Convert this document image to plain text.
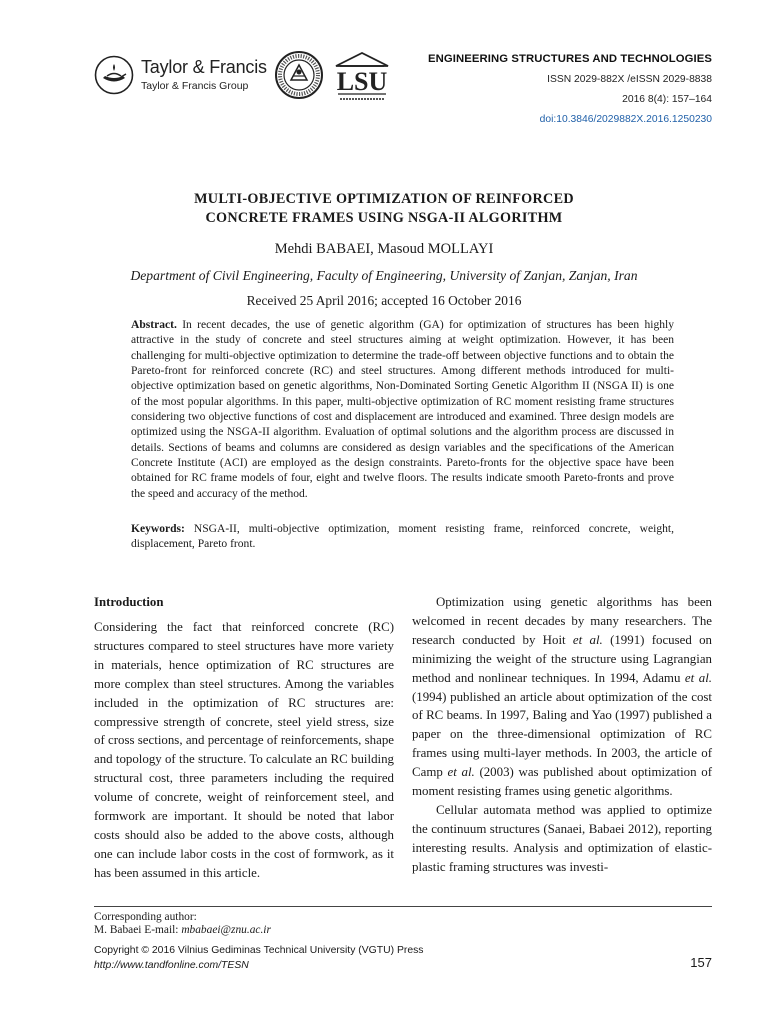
Taylor & Francis
Taylor & Francis Group	LSU
ENGINEERING STRUCTURES AND TECHNOLOGIES
ISSN 2029-882X /eISSN 2029-8838
2016 8(4): 157–164
doi:10.3846/2029882X.2016.1250230
MULTI-OBJECTIVE OPTIMIZATION OF REINFORCED
CONCRETE FRAMES USING NSGA-II ALGORITHM
Mehdi BABAEI, Masoud MOLLAYI
Department of Civil Engineering, Faculty of Engineering, University of Zanjan, Zanjan, Iran
Received 25 April 2016; accepted 16 October 2016
Abstract. In recent decades, the use of genetic algorithm (GA) for optimization of structures has been highly attractive in the study of concrete and steel structures aiming at weight optimization. However, it has been challenging for multi-objective optimization to determine the trade-off between objective functions and to obtain the Pareto-front for reinforced concrete (RC) and steel structures. Among different methods introduced for multi-objective optimization based on genetic algorithms, Non-Dominated Sorting Genetic Algorithm II (NSGA II) is one of the most popular algorithms. In this paper, multi-objective optimization of RC moment resisting frame structures considering two objective functions of cost and displacement are introduced and examined. Three design models are optimized using the NSGA-II algorithm. Evaluation of optimal solutions and the algorithm process are discussed in details. Sections of beams and columns are considered as design variables and the specifications of the American Concrete Institute (ACI) are employed as the design constraints. Pareto-fronts for the objective space have been obtained for RC frame models of four, eight and twelve floors. The results indicate smooth Pareto-fronts and prove the speed and accuracy of the method.
Keywords: NSGA-II, multi-objective optimization, moment resisting frame, reinforced concrete, weight, displacement, Pareto front.
Introduction

Considering the fact that reinforced concrete (RC) structures compared to steel structures have more variety in materials, hence optimization of RC structures are more complex than steel structures. Among the variables included in the optimization of RC structures are: compressive strength of concrete, steel yield stress, size of cross sections, and percentage of reinforcements, shape and topology of the structure. To calculate an RC building structural cost, three parameters including the required volume of concrete, weight of reinforcement steel, and formwork are important. It should be noted that labor costs should also be added to the above costs, although one can include labor costs in the cost of formwork, as it has been assumed in this article.

Optimization using genetic algorithms has been welcomed in recent decades by many researchers. The research conducted by Hoit et al. (1991) focused on minimizing the weight of the structure using Lagrangian method and nonlinear techniques. In 1994, Adamu et al. (1994) published an article about optimization of the cost of RC beams. In 1997, Baling and Yao (1997) published a paper on the three-dimensional optimization of RC frames using multi-layer methods. In 2003, the article of Camp et al. (2003) was published about optimization of moment resisting frames using genetic algorithms.

Cellular automata method was applied to optimize the continuum structures (Sanaei, Babaei 2012), reporting interesting results. Analysis and optimization of elastic-plastic framing structures was investi-

Corresponding author:
M. Babaei E-mail: mbabaei@znu.ac.ir
Copyright © 2016 Vilnius Gediminas Technical University (VGTU) Press
http://www.tandfonline.com/TESN	157
